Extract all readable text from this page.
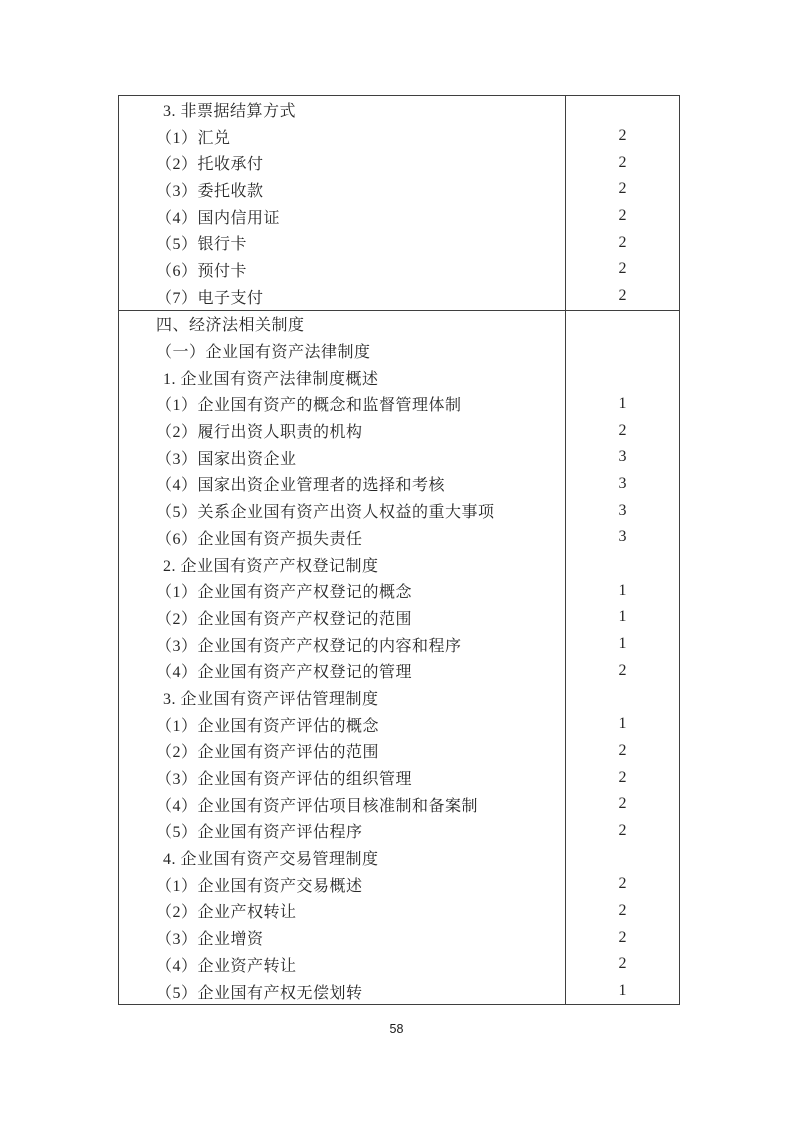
3. 非票据结算方式
（1）汇兑	2
（2）托收承付	2
（3）委托收款	2
（4）国内信用证	2
（5）银行卡	2
（6）预付卡	2
（7）电子支付	2
四、经济法相关制度
（一）企业国有资产法律制度
1. 企业国有资产法律制度概述
（1）企业国有资产的概念和监督管理体制	1
（2）履行出资人职责的机构	2
（3）国家出资企业	3
（4）国家出资企业管理者的选择和考核	3
（5）关系企业国有资产出资人权益的重大事项	3
（6）企业国有资产损失责任	3
2. 企业国有资产产权登记制度
（1）企业国有资产产权登记的概念	1
（2）企业国有资产产权登记的范围	1
（3）企业国有资产产权登记的内容和程序	1
（4）企业国有资产产权登记的管理	2
3. 企业国有资产评估管理制度
（1）企业国有资产评估的概念	1
（2）企业国有资产评估的范围	2
（3）企业国有资产评估的组织管理	2
（4）企业国有资产评估项目核准制和备案制	2
（5）企业国有资产评估程序	2
4. 企业国有资产交易管理制度
（1）企业国有资产交易概述	2
（2）企业产权转让	2
（3）企业增资	2
（4）企业资产转让	2
（5）企业国有产权无偿划转	1
58
